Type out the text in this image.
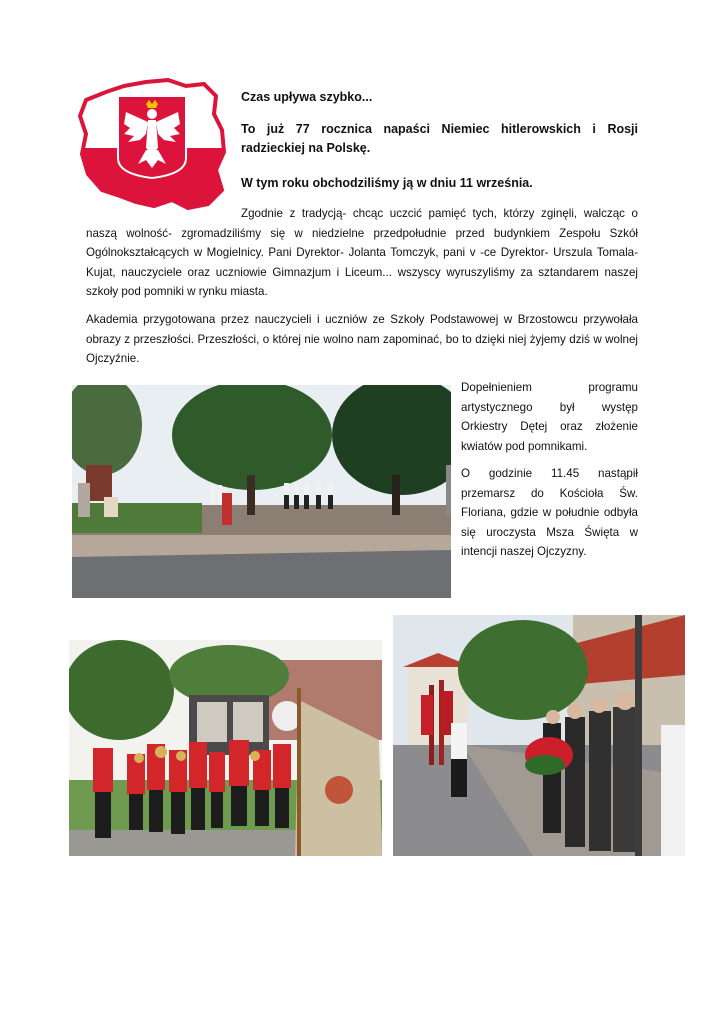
Czas upływa szybko...

To już 77 rocznica napaści Niemiec hitlerowskich i Rosji radzieckiej na Polskę.

W tym roku obchodziliśmy ją w dniu 11 września.

Zgodnie z tradycją- chcąc uczcić pamięć tych, którzy zginęli, walcząc o naszą wolność- zgromadziliśmy się w niedzielne przedpołudnie przed budynkiem Zespołu Szkół Ogólnokształcących w Mogielnicy. Pani Dyrektor- Jolanta Tomczyk, pani v -ce Dyrektor- Urszula Tomala- Kujat, nauczyciele oraz uczniowie Gimnazjum i Liceum... wszyscy wyruszyliśmy za sztandarem naszej szkoły pod pomniki w rynku miasta.

Akademia przygotowana przez nauczycieli i uczniów ze Szkoły Podstawowej w Brzostowcu przywołała obrazy z przeszłości. Przeszłości, o której nie wolno nam zapominać, bo to dzięki niej żyjemy dziś w wolnej Ojczyźnie.

Dopełnieniem programu artystycznego był występ Orkiestry Dętej oraz złożenie kwiatów pod pomnikami.

O godzinie 11.45 nastąpił przemarsz do Kościoła Św. Floriana, gdzie w południe odbyła się uroczysta Msza Święta w intencji naszej Ojczyzny.
